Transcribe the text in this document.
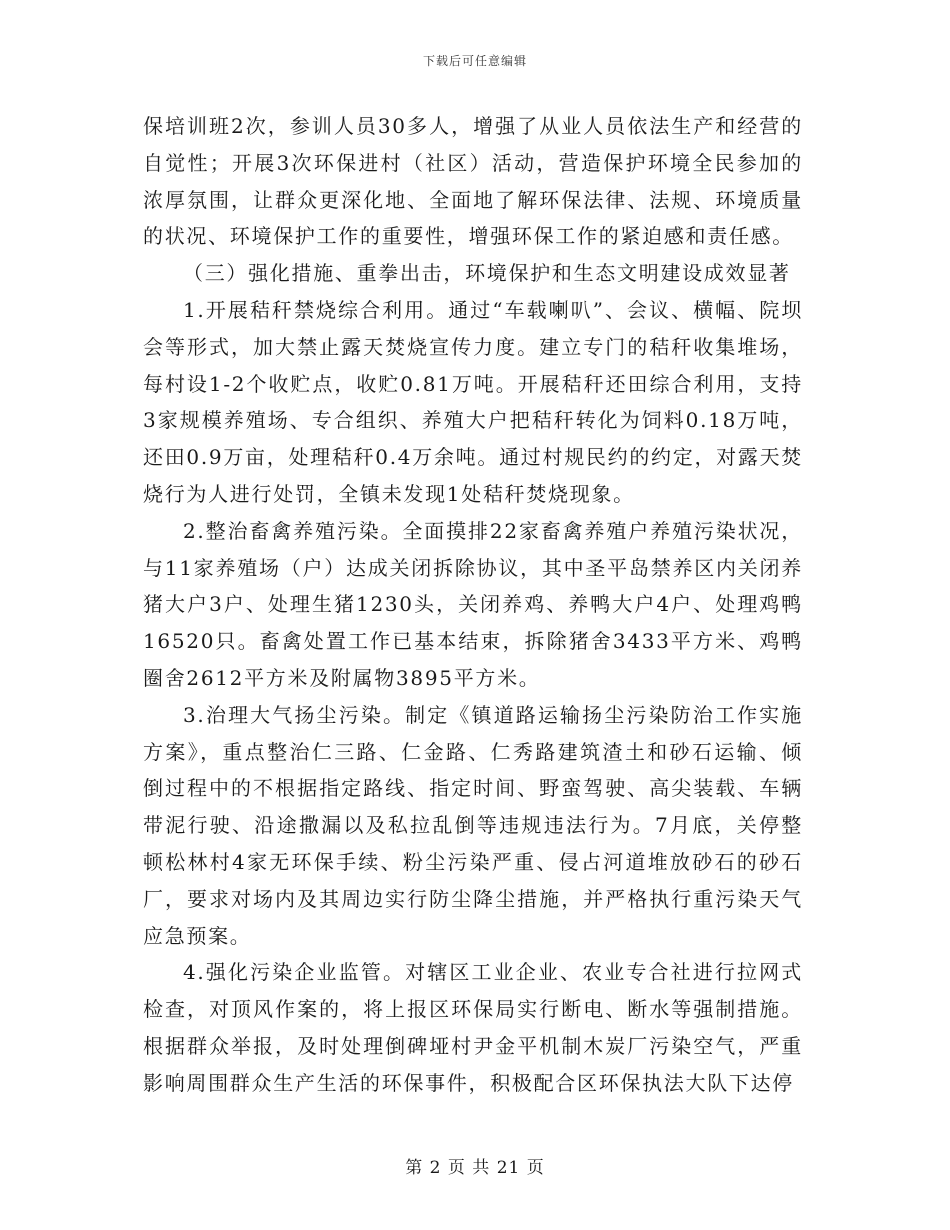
下载后可任意编辑

保培训班2次，参训人员30多人，增强了从业人员依法生产和经营的自觉性；开展3次环保进村（社区）活动，营造保护环境全民参加的浓厚氛围，让群众更深化地、全面地了解环保法律、法规、环境质量的状况、环境保护工作的重要性，增强环保工作的紧迫感和责任感。

（三）强化措施、重拳出击，环境保护和生态文明建设成效显著

1.开展秸秆禁烧综合利用。通过“车载喇叭”、会议、横幅、院坝会等形式，加大禁止露天焚烧宣传力度。建立专门的秸秆收集堆场，每村设1-2个收贮点，收贮0.81万吨。开展秸秆还田综合利用，支持3家规模养殖场、专合组织、养殖大户把秸秆转化为饲料0.18万吨，还田0.9万亩，处理秸秆0.4万余吨。通过村规民约的约定，对露天焚烧行为人进行处罚，全镇未发现1处秸秆焚烧现象。

2.整治畜禽养殖污染。全面摸排22家畜禽养殖户养殖污染状况，与11家养殖场（户）达成关闭拆除协议，其中圣平岛禁养区内关闭养猪大户3户、处理生猪1230头，关闭养鸡、养鸭大户4户、处理鸡鸭16520只。畜禽处置工作已基本结束，拆除猪舍3433平方米、鸡鸭圈舍2612平方米及附属物3895平方米。

3.治理大气扬尘污染。制定《镇道路运输扬尘污染防治工作实施方案》，重点整治仁三路、仁金路、仁秀路建筑渣土和砂石运输、倾倒过程中的不根据指定路线、指定时间、野蛮驾驶、高尖装载、车辆带泥行驶、沿途撒漏以及私拉乱倒等违规违法行为。7月底，关停整顿松林村4家无环保手续、粉尘污染严重、侵占河道堆放砂石的砂石厂，要求对场内及其周边实行防尘降尘措施，并严格执行重污染天气应急预案。

4.强化污染企业监管。对辖区工业企业、农业专合社进行拉网式检查，对顶风作案的，将上报区环保局实行断电、断水等强制措施。根据群众举报，及时处理倒碑垭村尹金平机制木炭厂污染空气，严重影响周围群众生产生活的环保事件，积极配合区环保执法大队下达停

第 2 页 共 21 页
